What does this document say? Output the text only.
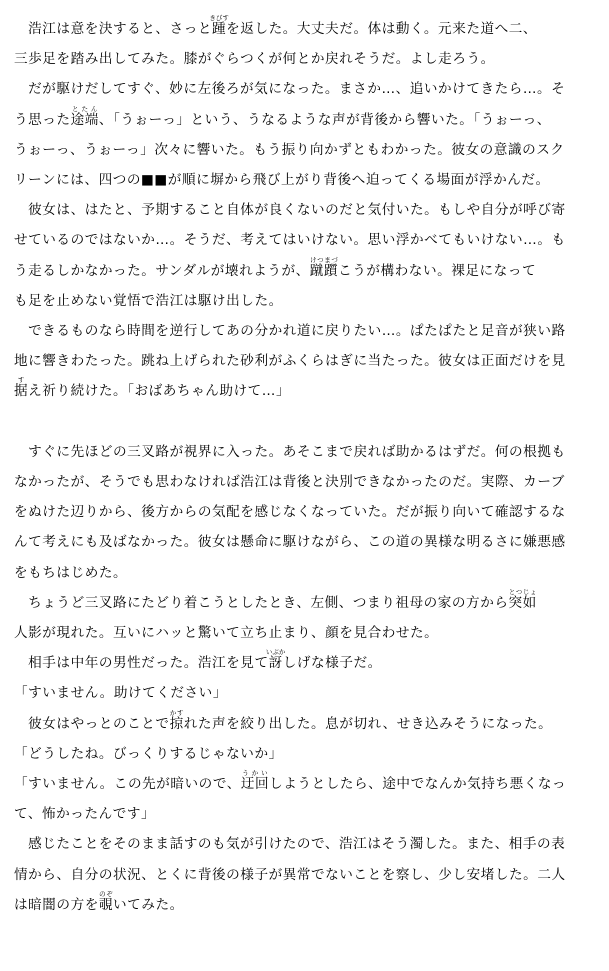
　浩江は意を決すると、さっと踵きびすを返した。大丈夫だ。体は動く。元来た道へ二、
三歩足を踏み出してみた。膝がぐらつくが何とか戻れそうだ。よし走ろう。
　だが駆けだしてすぐ、妙に左後ろが気になった。まさか…、追いかけてきたら…。そ
う思った途端とたん、「うぉーっ」という、うなるような声が背後から響いた。「うぉーっ、
うぉーっ、うぉーっ」次々に響いた。もう振り向かずともわかった。彼女の意識のスク
リーンには、四つの■■が順に塀から飛び上がり背後へ迫ってくる場面が浮かんだ。
　彼女は、はたと、予期すること自体が良くないのだと気付いた。もしや自分が呼び寄
せているのではないか…。そうだ、考えてはいけない。思い浮かべてもいけない…。も
う走るしかなかった。サンダルが壊れようが、蹴躓けつまづこうが構わない。裸足になって
も足を止めない覚悟で浩江は駆け出した。
　できるものなら時間を逆行してあの分かれ道に戻りたい…。ぱたぱたと足音が狭い路
地に響きわたった。跳ね上げられた砂利がふくらはぎに当たった。彼女は正面だけを見
据すえ祈り続けた。「おばあちゃん助けて…」
　すぐに先ほどの三叉路が視界に入った。あそこまで戻れば助かるはずだ。何の根拠も
なかったが、そうでも思わなければ浩江は背後と決別できなかったのだ。実際、カーブ
をぬけた辺りから、後方からの気配を感じなくなっていた。だが振り向いて確認するな
んて考えにも及ばなかった。彼女は懸命に駆けながら、この道の異様な明るさに嫌悪感
をもちはじめた。
　ちょうど三叉路にたどり着こうとしたとき、左側、つまり祖母の家の方から突如とつじょ
人影が現れた。互いにハッと驚いて立ち止まり、顔を見合わせた。
　相手は中年の男性だった。浩江を見て訝いぶかしげな様子だ。
「すいません。助けてください」
　彼女はやっとのことで掠かすれた声を絞り出した。息が切れ、せき込みそうになった。
「どうしたね。びっくりするじゃないか」
「すいません。この先が暗いので、迂回うかいしようとしたら、途中でなんか気持ち悪くなっ
て、怖かったんです」
　感じたことをそのまま話すのも気が引けたので、浩江はそう濁した。また、相手の表
情から、自分の状況、とくに背後の様子が異常でないことを察し、少し安堵した。二人
は暗闇の方を覗のぞいてみた。
